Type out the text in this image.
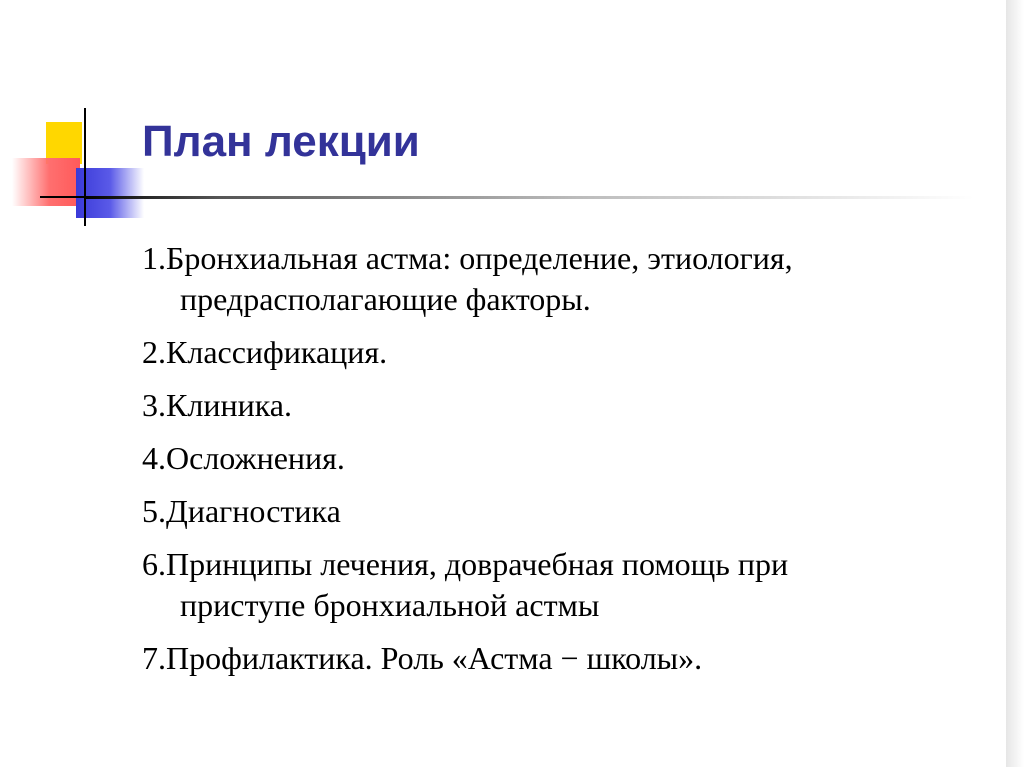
План лекции
1.Бронхиальная астма: определение, этиология,
предрасполагающие факторы.
2.Классификация.
3.Клиника.
4.Осложнения.
5.Диагностика
6.Принципы лечения, доврачебная помощь при
приступе бронхиальной астмы
7.Профилактика. Роль «Астма − школы».
